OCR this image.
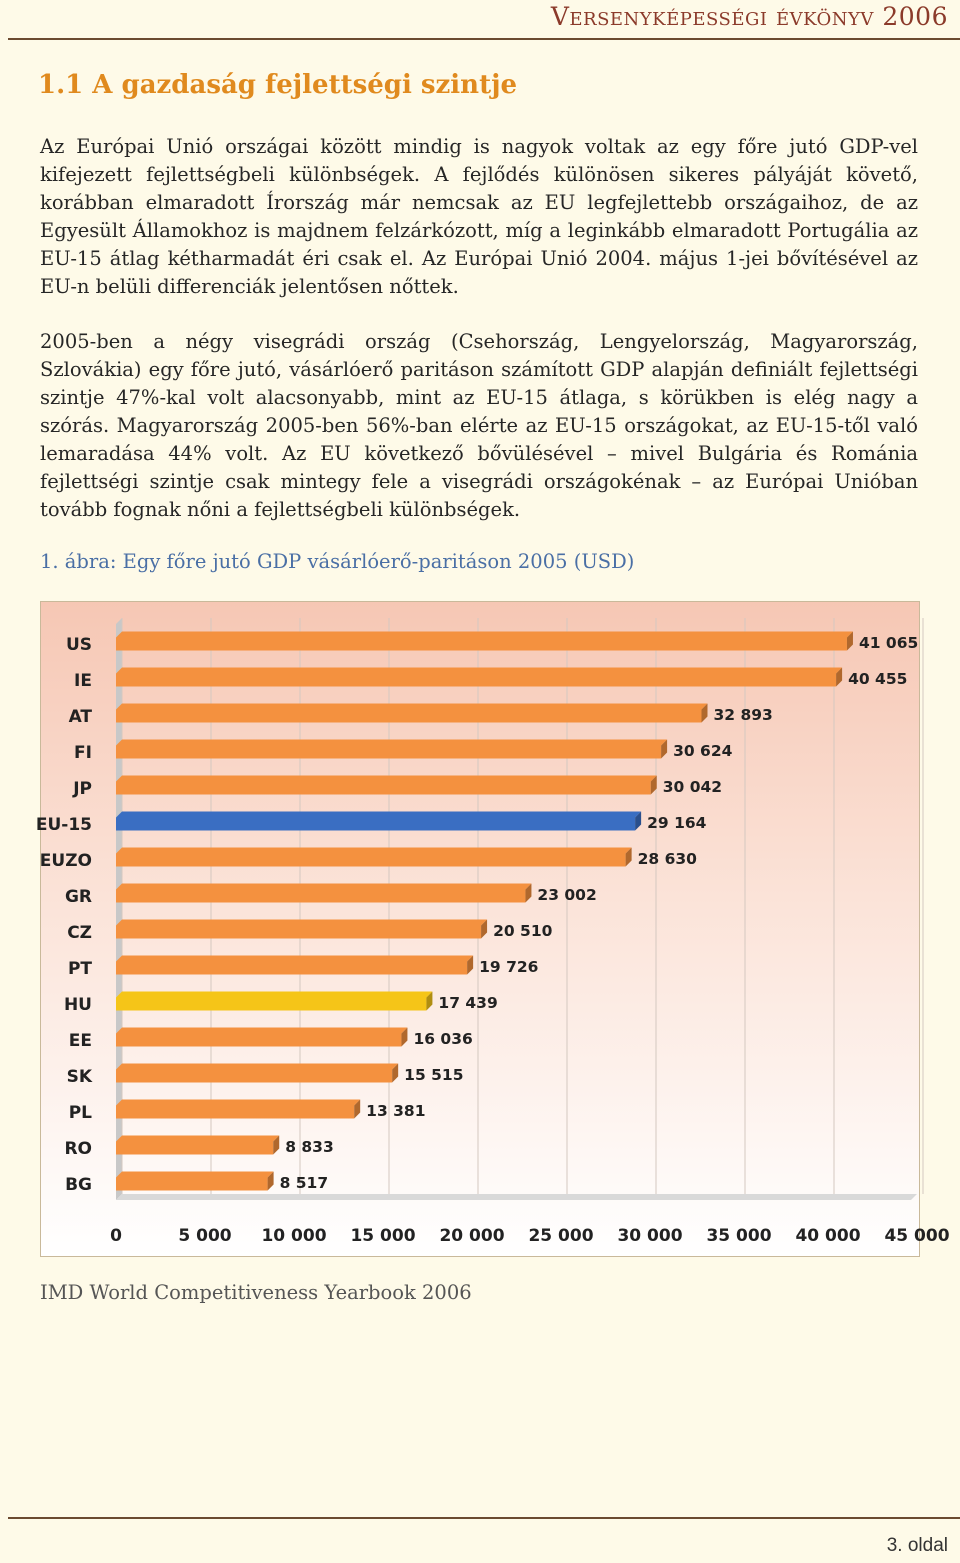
Versenyképességi évkönyv 2006
1.1 A gazdaság fejlettségi szintje

Az Európai Unió országai között mindig is nagyok voltak az egy főre jutó GDP-vel kifejezett fejlettségbeli különbségek. A fejlődés különösen sikeres pályáját követő, korábban elmaradott Írország már nemcsak az EU legfejlettebb országaihoz, de az Egyesült Államokhoz is majdnem felzárkózott, míg a leginkább elmaradott Portugália az EU-15 átlag kétharmadát éri csak el. Az Európai Unió 2004. május 1-jei bővítésével az EU-n belüli differenciák jelentősen nőttek.

2005-ben a négy visegrádi ország (Csehország, Lengyelország, Magyarország, Szlovákia) egy főre jutó, vásárlóerő paritáson számított GDP alapján definiált fejlettségi szintje 47%-kal volt alacsonyabb, mint az EU-15 átlaga, s körükben is elég nagy a szórás. Magyarország 2005-ben 56%-ban elérte az EU-15 országokat, az EU-15-től való lemaradása 44% volt. Az EU következő bővülésével – mivel Bulgária és Románia fejlettségi szintje csak mintegy fele a visegrádi országokénak – az Európai Unióban tovább fognak nőni a fejlettségbeli különbségek.

1. ábra: Egy főre jutó GDP vásárlóerő-paritáson 2005 (USD)

US	41 065
IE	40 455
AT	32 893
FI	30 624
JP	30 042
EU-15	29 164
EUZO	28 630
GR	23 002
CZ	20 510
PT	19 726
HU	17 439
EE	16 036
SK	15 515
PL	13 381
RO	8 833
BG	8 517
0	5 000 10 000 15 000 20 000 25 000 30 000 35 000 40 000 45 000

IMD World Competitiveness Yearbook 2006

3. oldal
